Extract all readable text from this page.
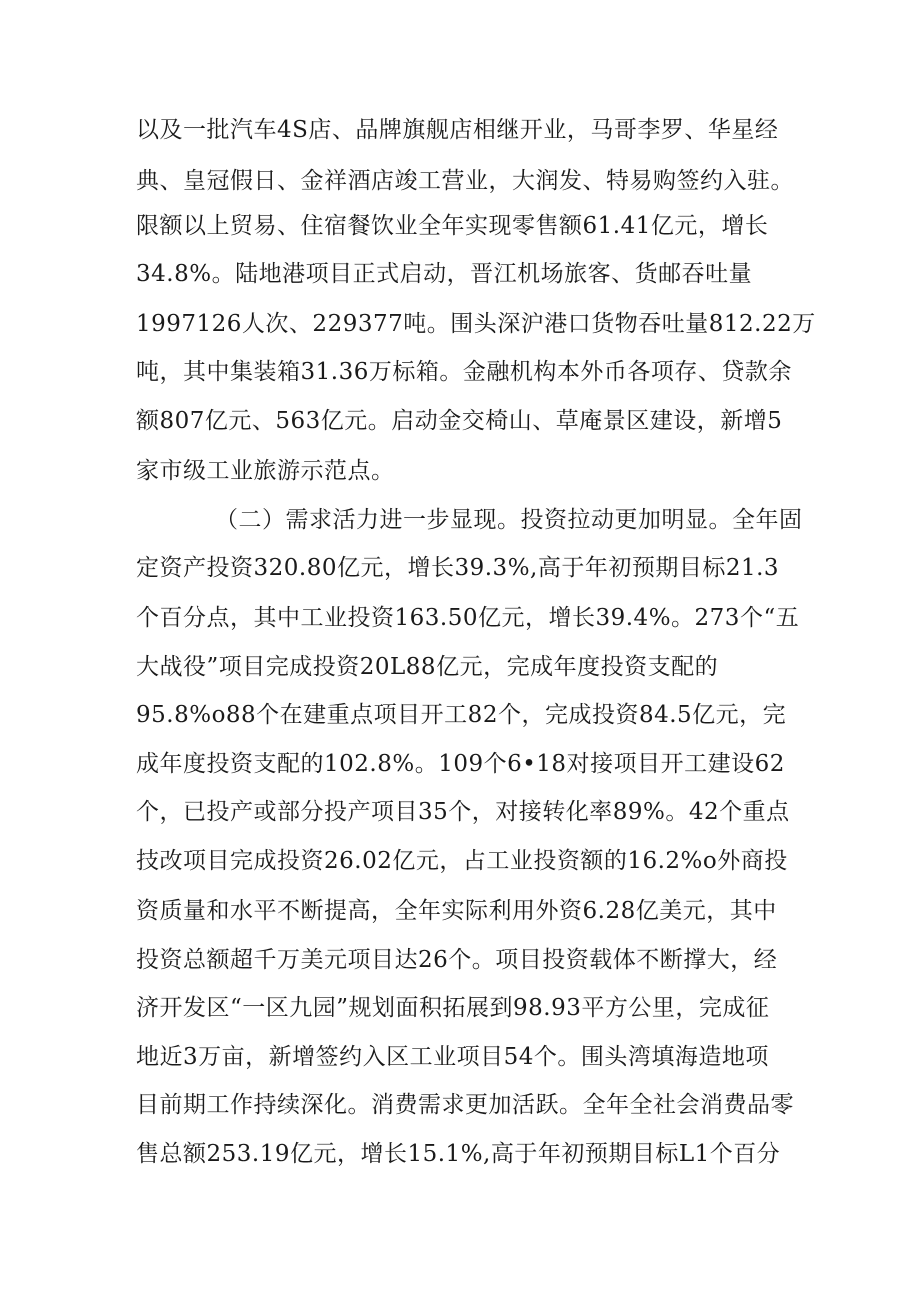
以及一批汽车4S店、品牌旗舰店相继开业，马哥李罗、华星经
典、皇冠假日、金祥酒店竣工营业，大润发、特易购签约入驻。
限额以上贸易、住宿餐饮业全年实现零售额61.41亿元，增长
34.8%。陆地港项目正式启动，晋江机场旅客、货邮吞吐量
1997126人次、229377吨。围头深沪港口货物吞吐量812.22万
吨，其中集装箱31.36万标箱。金融机构本外币各项存、贷款余
额807亿元、563亿元。启动金交椅山、草庵景区建设，新增5
家市级工业旅游示范点。
（二）需求活力进一步显现。投资拉动更加明显。全年固
定资产投资320.80亿元，增长39.3%,高于年初预期目标21.3
个百分点，其中工业投资163.50亿元，增长39.4%。273个“五
大战役”项目完成投资20L88亿元，完成年度投资支配的
95.8%o88个在建重点项目开工82个，完成投资84.5亿元，完
成年度投资支配的102.8%。109个6•18对接项目开工建设62
个，已投产或部分投产项目35个，对接转化率89%。42个重点
技改项目完成投资26.02亿元，占工业投资额的16.2%o外商投
资质量和水平不断提高，全年实际利用外资6.28亿美元，其中
投资总额超千万美元项目达26个。项目投资载体不断撑大，经
济开发区“一区九园”规划面积拓展到98.93平方公里，完成征
地近3万亩，新增签约入区工业项目54个。围头湾填海造地项
目前期工作持续深化。消费需求更加活跃。全年全社会消费品零
售总额253.19亿元，增长15.1%,高于年初预期目标L1个百分
